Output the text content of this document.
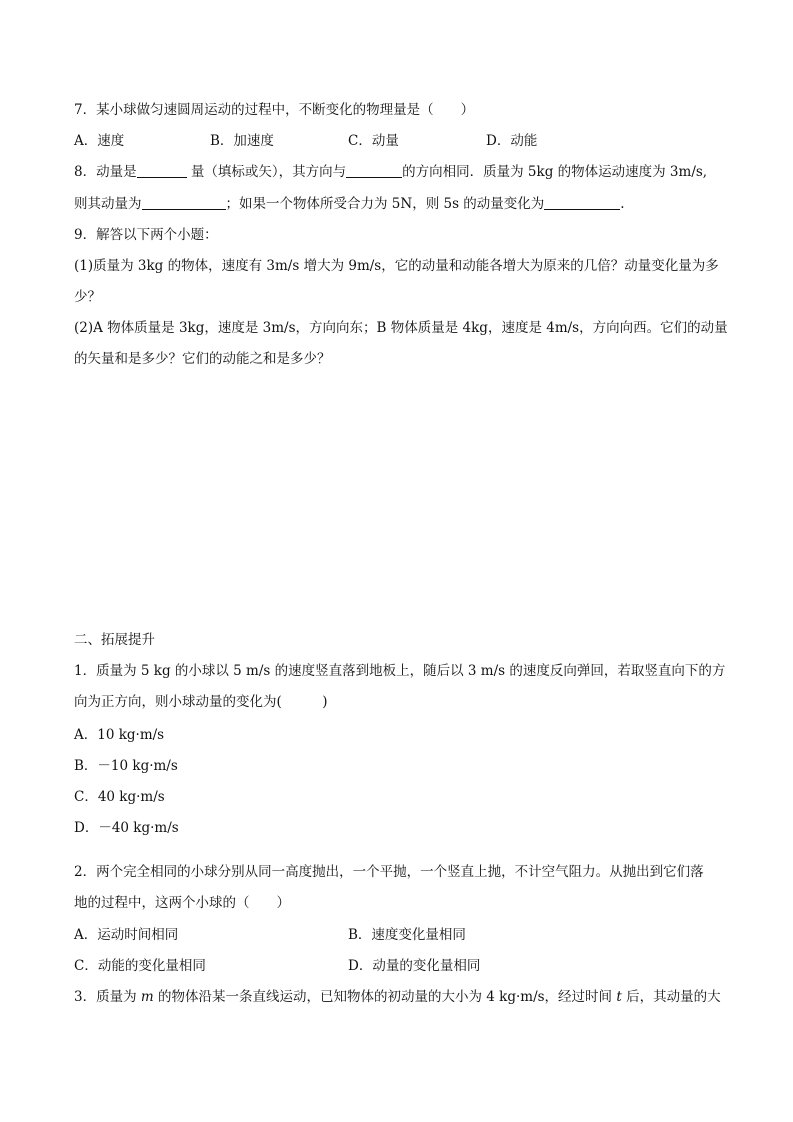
7．某小球做匀速圆周运动的过程中，不断变化的物理量是（　　）
A．速度	B．加速度	C．动量	D．动能
8．动量是	量（填标或矢），其方向与	的方向相同．质量为 5kg 的物体运动速度为 3m/s,
则其动量为	；如果一个物体所受合力为 5N，则 5s 的动量变化为	.
9．解答以下两个小题：
(1)质量为 3kg 的物体，速度有 3m/s 增大为 9m/s，它的动量和动能各增大为原来的几倍？动量变化量为多
少？
(2)A 物体质量是 3kg，速度是 3m/s，方向向东；B 物体质量是 4kg，速度是 4m/s，方向向西。它们的动量
的矢量和是多少？它们的动能之和是多少？
二、拓展提升
1．质量为 5 kg 的小球以 5 m/s 的速度竖直落到地板上，随后以 3 m/s 的速度反向弹回，若取竖直向下的方
向为正方向，则小球动量的变化为(　　　)
A．10 kg·m/s
B．－10 kg·m/s
C．40 kg·m/s
D．－40 kg·m/s
2．两个完全相同的小球分别从同一高度抛出，一个平抛，一个竖直上抛，不计空气阻力。从抛出到它们落
地的过程中，这两个小球的（　　）
A．运动时间相同	B．速度变化量相同
C．动能的变化量相同	D．动量的变化量相同
3．质量为 m 的物体沿某一条直线运动，已知物体的初动量的大小为 4 kg·m/s，经过时间 t 后，其动量的大
